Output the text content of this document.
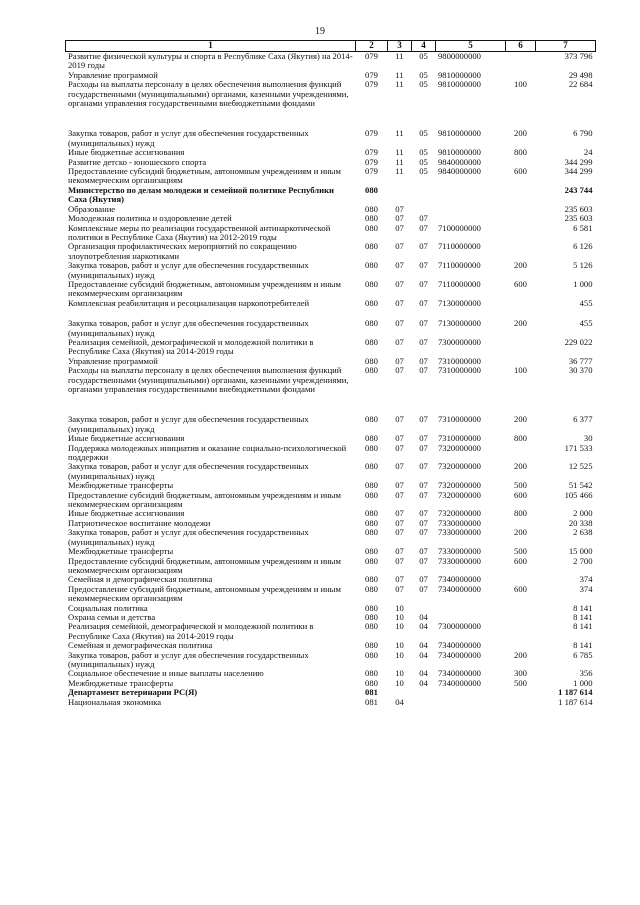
19
1	2	3	4	5	6	7
Развитие физической культуры и спорта в Республике Саха (Якутия) на 2014-2019 годы	079	11	05	9800000000		373 796
Управление программой	079	11	05	9810000000		29 498
Расходы на выплаты персоналу в целях обеспечения выполнения функций государственными (муниципальными) органами, казенными учреждениями, органами управления государственными внебюджетными фондами	079	11	05	9810000000	100	22 684
Закупка товаров, работ и услуг для обеспечения государственных (муниципальных) нужд	079	11	05	9810000000	200	6 790
Иные бюджетные ассигнования	079	11	05	9810000000	800	24
Развитие детско - юношеского спорта	079	11	05	9840000000		344 299
Предоставление субсидий бюджетным, автономным учреждениям и иным некоммерческим организациям	079	11	05	9840000000	600	344 299
Министерство по делам молодежи и семейной политике Республики Саха (Якутия)	080					243 744
Образование	080	07				235 603
Молодежная политика и оздоровление детей	080	07	07			235 603
Комплексные меры по реализации государственной антинаркотической политики в Республике Саха (Якутия) на 2012-2019 годы	080	07	07	7100000000		6 581
Организация профилактических мероприятий по сокращению злоупотребления наркотиками	080	07	07	7110000000		6 126
Закупка товаров, работ и услуг для обеспечения государственных (муниципальных) нужд	080	07	07	7110000000	200	5 126
Предоставление субсидий бюджетным, автономным учреждениям и иным некоммерческим организациям	080	07	07	7110000000	600	1 000
Комплексная реабилитация и ресоциализация наркопотребителей	080	07	07	7130000000		455
Закупка товаров, работ и услуг для обеспечения государственных (муниципальных) нужд	080	07	07	7130000000	200	455
Реализация семейной, демографической и молодежной политики в Республике Саха (Якутия) на 2014-2019 годы	080	07	07	7300000000		229 022
Управление программой	080	07	07	7310000000		36 777
Расходы на выплаты персоналу в целях обеспечения выполнения функций государственными (муниципальными) органами, казенными учреждениями, органами управления государственными внебюджетными фондами	080	07	07	7310000000	100	30 370
Закупка товаров, работ и услуг для обеспечения государственных (муниципальных) нужд	080	07	07	7310000000	200	6 377
Иные бюджетные ассигнования	080	07	07	7310000000	800	30
Поддержка молодежных инициатив и оказание социально-психологической поддержки	080	07	07	7320000000		171 533
Закупка товаров, работ и услуг для обеспечения государственных (муниципальных) нужд	080	07	07	7320000000	200	12 525
Межбюджетные трансферты	080	07	07	7320000000	500	51 542
Предоставление субсидий бюджетным, автономным учреждениям и иным некоммерческим организациям	080	07	07	7320000000	600	105 466
Иные бюджетные ассигнования	080	07	07	7320000000	800	2 000
Патриотическое воспитание молодежи	080	07	07	7330000000		20 338
Закупка товаров, работ и услуг для обеспечения государственных (муниципальных) нужд	080	07	07	7330000000	200	2 638
Межбюджетные трансферты	080	07	07	7330000000	500	15 000
Предоставление субсидий бюджетным, автономным учреждениям и иным некоммерческим организациям	080	07	07	7330000000	600	2 700
Семейная и демографическая политика	080	07	07	7340000000		374
Предоставление субсидий бюджетным, автономным учреждениям и иным некоммерческим организациям	080	07	07	7340000000	600	374
Социальная политика	080	10				8 141
Охрана семьи и детства	080	10	04			8 141
Реализация семейной, демографической и молодежной политики в Республике Саха (Якутия) на 2014-2019 годы	080	10	04	7300000000		8 141
Семейная и демографическая политика	080	10	04	7340000000		8 141
Закупка товаров, работ и услуг для обеспечения государственных (муниципальных) нужд	080	10	04	7340000000	200	6 785
Социальное обеспечение и иные выплаты населению	080	10	04	7340000000	300	356
Межбюджетные трансферты	080	10	04	7340000000	500	1 000
Департамент ветеринарии РС(Я)	081					1 187 614
Национальная экономика	081	04				1 187 614
